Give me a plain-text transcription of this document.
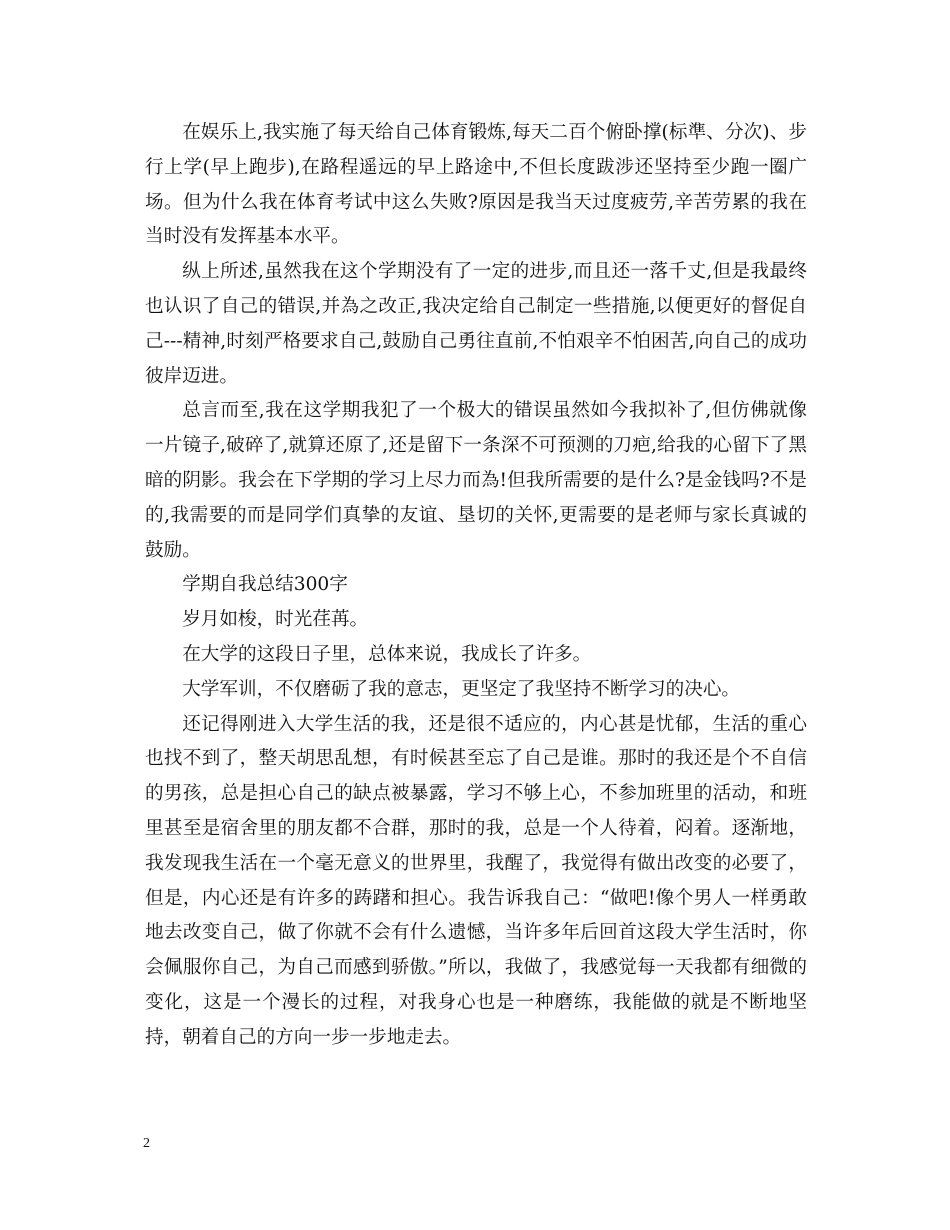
在娱乐上,我实施了每天给自己体育锻炼,每天二百个俯卧撑(标準、分次)、步行上学(早上跑步),在路程遥远的早上路途中,不但长度跋涉还坚持至少跑一圈广场。但为什么我在体育考试中这么失败?原因是我当天过度疲劳,辛苦劳累的我在当时没有发挥基本水平。

纵上所述,虽然我在这个学期没有了一定的进步,而且还一落千丈,但是我最终也认识了自己的错误,并為之改正,我决定给自己制定一些措施,以便更好的督促自己---精神,时刻严格要求自己,鼓励自己勇往直前,不怕艰辛不怕困苦,向自己的成功彼岸迈进。

总言而至,我在这学期我犯了一个极大的错误虽然如今我拟补了,但仿佛就像一片镜子,破碎了,就算还原了,还是留下一条深不可预测的刀疤,给我的心留下了黑暗的阴影。我会在下学期的学习上尽力而為!但我所需要的是什么?是金钱吗?不是的,我需要的而是同学们真挚的友谊、垦切的关怀,更需要的是老师与家长真诚的鼓励。

学期自我总结300字

岁月如梭，时光荏苒。

在大学的这段日子里，总体来说，我成长了许多。

大学军训，不仅磨砺了我的意志，更坚定了我坚持不断学习的决心。

还记得刚进入大学生活的我，还是很不适应的，内心甚是忧郁，生活的重心也找不到了，整天胡思乱想，有时候甚至忘了自己是谁。那时的我还是个不自信的男孩，总是担心自己的缺点被暴露，学习不够上心，不参加班里的活动，和班里甚至是宿舍里的朋友都不合群，那时的我，总是一个人待着，闷着。逐渐地，我发现我生活在一个毫无意义的世界里，我醒了，我觉得有做出改变的必要了，但是，内心还是有许多的踌躇和担心。我告诉我自己：“做吧!像个男人一样勇敢地去改变自己，做了你就不会有什么遗憾，当许多年后回首这段大学生活时，你会佩服你自己，为自己而感到骄傲。”所以，我做了，我感觉每一天我都有细微的变化，这是一个漫长的过程，对我身心也是一种磨练，我能做的就是不断地坚持，朝着自己的方向一步一步地走去。

2
